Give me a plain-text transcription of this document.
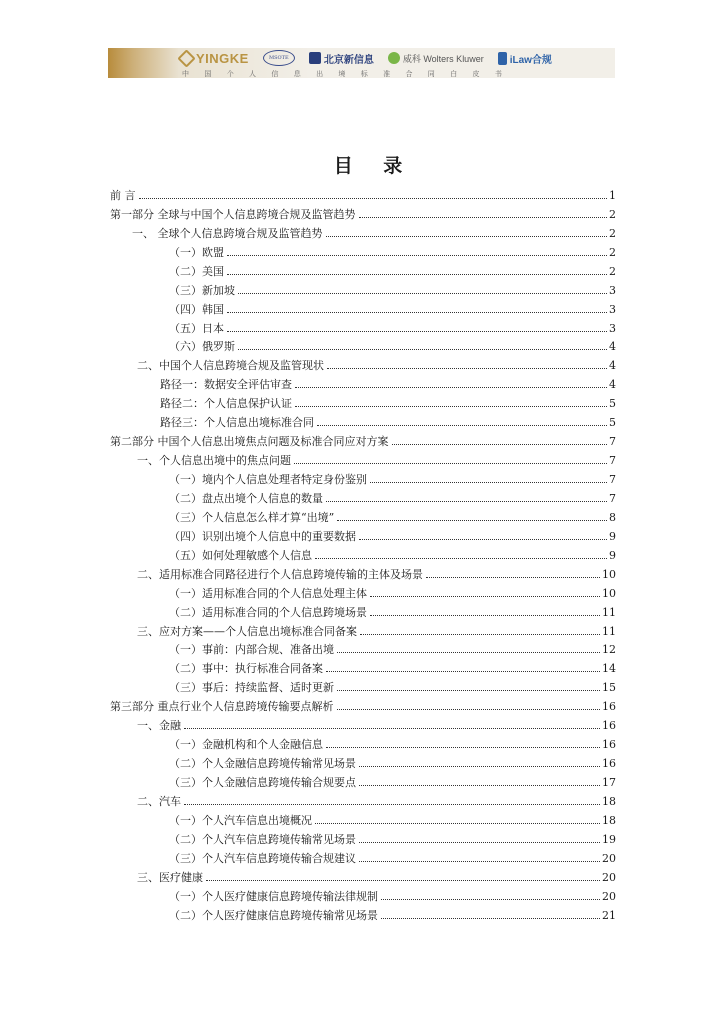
YINGKE	MSOTE	北京新信息	威科 Wolters Kluwer	iLaw合规
中 国 个 人 信 息 出 境 标 准 合 同 白 皮 书
目 录
前 言	1
第一部分 全球与中国个人信息跨境合规及监管趋势	2
一、 全球个人信息跨境合规及监管趋势	2
（一）欧盟	2
（二）美国	2
（三）新加坡	3
（四）韩国	3
（五）日本	3
（六）俄罗斯	4
二、中国个人信息跨境合规及监管现状	4
路径一：数据安全评估审查	4
路径二：个人信息保护认证	5
路径三：个人信息出境标准合同	5
第二部分 中国个人信息出境焦点问题及标准合同应对方案	7
一、个人信息出境中的焦点问题	7
（一）境内个人信息处理者特定身份鉴别	7
（二）盘点出境个人信息的数量	7
（三）个人信息怎么样才算“出境”	8
（四）识别出境个人信息中的重要数据	9
（五）如何处理敏感个人信息	9
二、适用标准合同路径进行个人信息跨境传输的主体及场景	10
（一）适用标准合同的个人信息处理主体	10
（二）适用标准合同的个人信息跨境场景	11
三、应对方案——个人信息出境标准合同备案	11
（一）事前：内部合规、准备出境	12
（二）事中：执行标准合同备案	14
（三）事后：持续监督、适时更新	15
第三部分 重点行业个人信息跨境传输要点解析	16
一、金融	16
（一）金融机构和个人金融信息	16
（二）个人金融信息跨境传输常见场景	16
（三）个人金融信息跨境传输合规要点	17
二、汽车	18
（一）个人汽车信息出境概况	18
（二）个人汽车信息跨境传输常见场景	19
（三）个人汽车信息跨境传输合规建议	20
三、医疗健康	20
（一）个人医疗健康信息跨境传输法律规制	20
（二）个人医疗健康信息跨境传输常见场景	21
